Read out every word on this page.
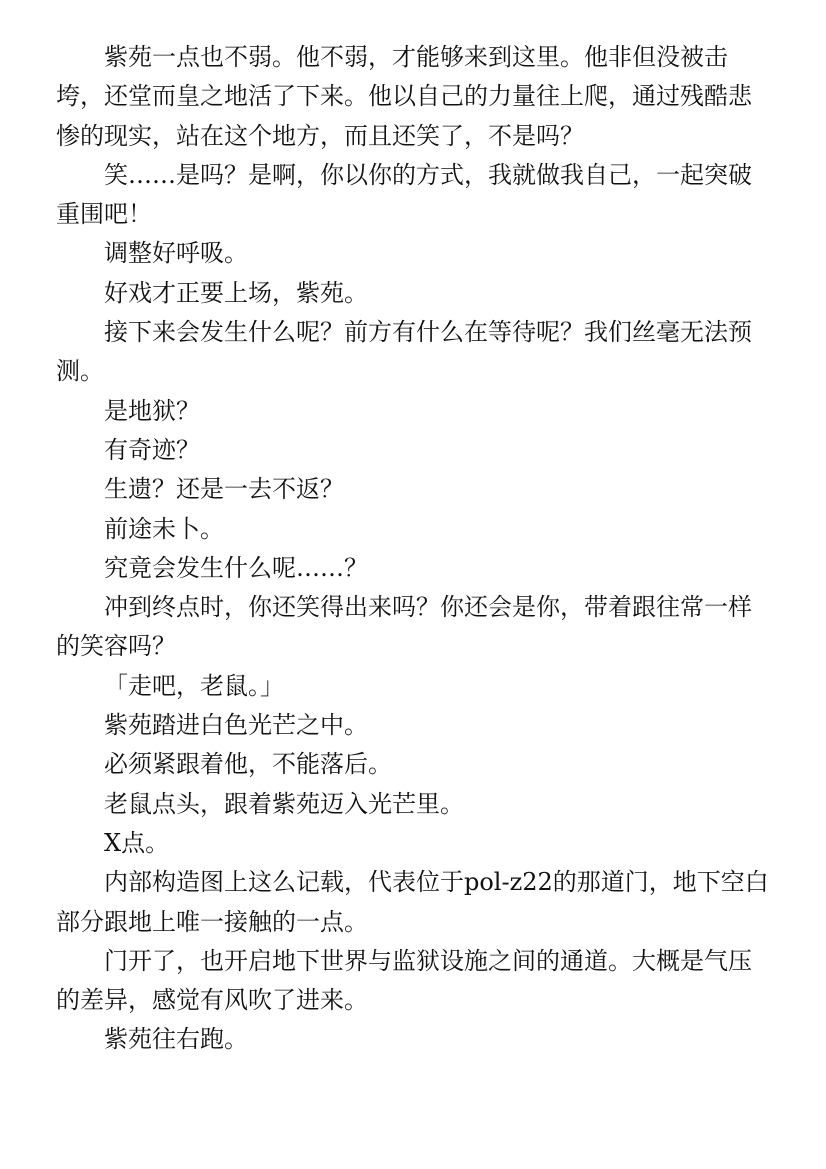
紫苑一点也不弱。他不弱，才能够来到这里。他非但没被击垮，还堂而皇之地活了下来。他以自己的力量往上爬，通过残酷悲惨的现实，站在这个地方，而且还笑了，不是吗？

笑……是吗？是啊，你以你的方式，我就做我自己，一起突破重围吧！

调整好呼吸。

好戏才正要上场，紫苑。

接下来会发生什么呢？前方有什么在等待呢？我们丝毫无法预测。

是地狱？

有奇迹？

生遗？还是一去不返？

前途未卜。

究竟会发生什么呢……？

冲到终点时，你还笑得出来吗？你还会是你，带着跟往常一样的笑容吗？

「走吧，老鼠。」

紫苑踏进白色光芒之中。

必须紧跟着他，不能落后。

老鼠点头，跟着紫苑迈入光芒里。

X点。

内部构造图上这么记载，代表位于pol-z22的那道门，地下空白部分跟地上唯一接触的一点。

门开了，也开启地下世界与监狱设施之间的通道。大概是气压的差异，感觉有风吹了进来。

紫苑往右跑。
